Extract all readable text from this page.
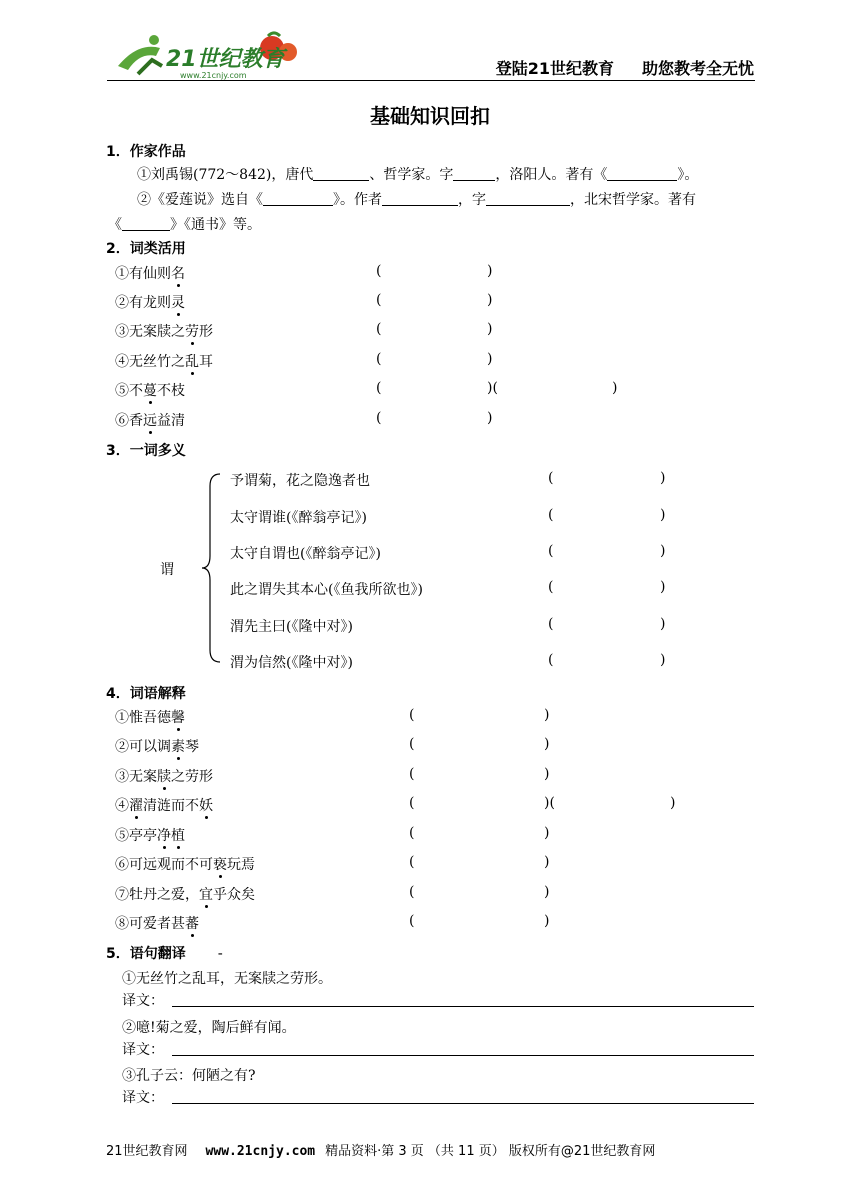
21世纪教育
www.21cnjy.com	登陆21世纪教育 助您教考全无忧
基础知识回扣
1．作家作品
①刘禹锡(772～842)，唐代	、哲学家。字	，洛阳人。著有《	》。
②《爱莲说》选自《	》。作者	，字	，北宋哲学家。著有
《	》《通书》等。
2．词类活用
3．一词多义
谓
4．词语解释
5．语句翻译 -
21世纪教育网 www.21cnjy.com 精品资料·第 3 页 （共 11 页） 版权所有@21世纪教育网
①有仙则名	(	)
②有龙则灵	(	)
③无案牍之劳形	(	)
④无丝竹之乱耳	(	)
⑤不蔓不枝	(	)(	)
⑥香远益清	(	)
予谓菊，花之隐逸者也	(	)
太守谓谁(《醉翁亭记》)	(	)
太守自谓也(《醉翁亭记》)	(	)
此之谓失其本心(《鱼我所欲也》)	(	)
渭先主曰(《隆中对》)	(	)
渭为信然(《隆中对》)	(	)
①惟吾德馨	(	)
②可以调素琴	(	)
③无案牍之劳形	(	)
④濯清涟而不妖	(	)(	)
⑤亭亭净植	(	)
⑥可远观而不可亵玩焉	(	)
⑦牡丹之爱，宜乎众矣	(	)
⑧可爱者甚蕃	(	)
①无丝竹之乱耳，无案牍之劳形。
译文：
②噫!菊之爱，陶后鲜有闻。
译文：
③孔子云：何陋之有?
译文：
